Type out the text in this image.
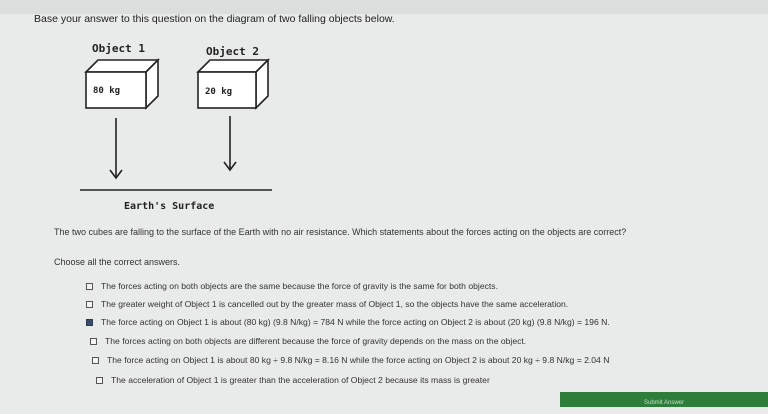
Base your answer to this question on the diagram of two falling objects below.
Object 1	Object 2
80 kg	20 kg
Earth's Surface
The two cubes are falling to the surface of the Earth with no air resistance. Which statements about the forces acting on the objects are correct?
Choose all the correct answers.
The forces acting on both objects are the same because the force of gravity is the same for both objects.
The greater weight of Object 1 is cancelled out by the greater mass of Object 1, so the objects have the same acceleration.
The force acting on Object 1 is about (80 kg) (9.8 N/kg) = 784 N while the force acting on Object 2 is about (20 kg) (9.8 N/kg) = 196 N.
The forces acting on both objects are different because the force of gravity depends on the mass on the object.
The force acting on Object 1 is about 80 kg ÷ 9.8 N/kg = 8.16 N while the force acting on Object 2 is about 20 kg ÷ 9.8 N/kg = 2.04 N
The acceleration of Object 1 is greater than the acceleration of Object 2 because its mass is greater
Submit Answer
